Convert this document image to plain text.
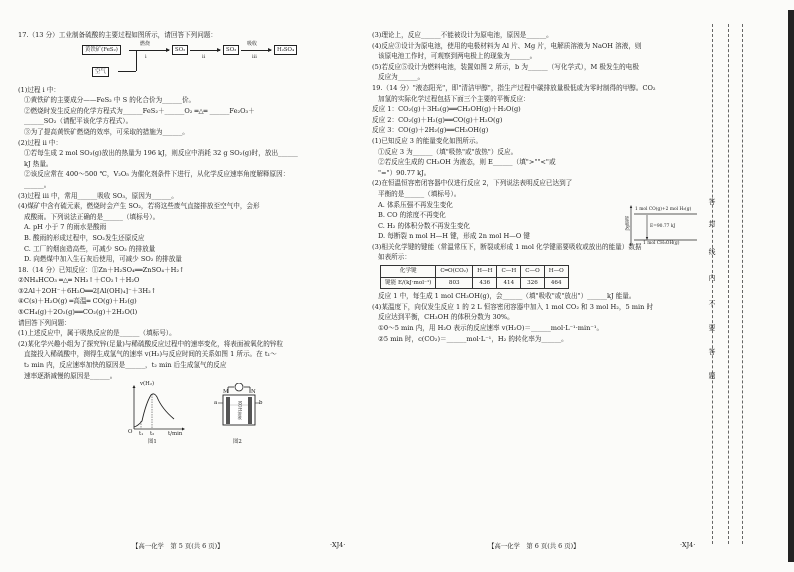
17.（13 分）工业制备硫酸的主要过程如图所示，请回答下列问题：
黄铁矿(FeS₂)
空气
燃烧
i
SO₂
ii
SO₃
吸收
iii
H₂SO₄
(1)过程 i 中：
①黄铁矿的主要成分——FeS₂ 中 S 的化合价为______价。
②燃烧时发生反应的化学方程式为______FeS₂＋______O₂ ═△═ ______Fe₂O₃＋
______SO₂（请配平该化学方程式）。
③为了提高黄铁矿燃烧的效率，可采取的措施为______。
(2)过程 ii 中：
①若每生成 2 mol SO₃(g)放出的热量为 196 kJ，则反应中消耗 32 g SO₂(g)时，放出______
kJ 热量。
②该反应常在 400～500 ℃，V₂O₅ 为催化剂条件下进行，从化学反应速率角度解释原因：
______。
(3)过程 iii 中，常用______吸收 SO₃，原因为______。
(4)煤矿中含有硫元素，燃烧时会产生 SO₂，若将这些废气直接排放至空气中，会形
成酸雨。下列说法正确的是______（填标号）。
A. pH 小于 7 的雨水是酸雨
B. 酸雨的形成过程中，SO₂发生还原反应
C. 工厂的烟囱造高些，可减少 SO₂ 的排放量
D. 向燃煤中加入生石灰后使用，可减少 SO₂ 的排放量
18.（14 分）已知反应：①Zn＋H₂SO₄══ZnSO₄＋H₂↑
②NH₄HCO₃ ═△═ NH₃↑＋CO₂↑＋H₂O
③2Al＋2OH⁻＋6H₂O══2[Al(OH)₄]⁻＋3H₂↑
④C(s)＋H₂O(g) ═高温═ CO(g)＋H₂(g)
⑤CH₄(g)＋2O₂(g)══CO₂(g)＋2H₂O(l)
请回答下列问题：
(1)上述反应中，属于吸热反应的是______（填标号）。
(2)某化学兴趣小组为了探究锌(足量)与稀硫酸反应过程中的速率变化，将表面被氧化的锌粒
直接投入稀硫酸中，测得生成氢气的速率 v(H₂)与反应时间的关系如图 1 所示。在 t₁～
t₂ min 内，反应速率加快的原因是______，t₂ min 后生成氢气的反应
速率逐渐减慢的原因是______。
O
v(H₂)
t₁ t₂	t/min
图1
M	N
a	b
KOH溶液
图2
(3)理论上，反应______不能被设计为原电池，原因是______。
(4)反应③设计为原电池，使用的电极材料为 Al 片、Mg 片，电解质溶液为 NaOH 溶液，则
该原电池工作时，可观察到两电极上的现象为______。
(5)若反应⑤设计为燃料电池，装置如图 2 所示，b 为______（写化学式），M 极发生的电极
反应为______。
19.（14 分）"液态阳光"，即"清洁甲醇"，指生产过程中碳排放量极低或为零时制得的甲醇。CO₂
加氢的实际化学过程包括下面三个主要的平衡反应：
反应 1：CO₂(g)＋3H₂(g)══CH₃OH(g)＋H₂O(g)
反应 2：CO₂(g)＋H₂(g)══CO(g)＋H₂O(g)
反应 3：CO(g)＋2H₂(g)══CH₃OH(g)
(1)已知反应 3 的能量变化如图所示。
①反应 3 为______（填"吸热"或"放热"）反应。
②若反应生成的 CH₃OH 为液态，则 E______（填">""<"或
"="）90.77 kJ。
(2)在恒温恒容密闭容器中仅进行反应 2，下列说法表明反应已达到了
平衡的是______（填标号）。
A. 体系压强不再发生变化
B. CO 的浓度不再变化
C. H₂ 的体积分数不再发生变化
D. 每断裂 n mol H—H 键，形成 2n mol H—O 键
(3)相关化学键的键能（常温常压下，断裂或形成 1 mol 化学键需要吸收或放出的能量）数据
如表所示：
化学键	C═O(CO₂)	H—H	C—H	C—O	H—O
键能 E/(kJ·mol⁻¹)	803	436	414	326	464
反应 1 中，每生成 1 mol CH₃OH(g)，会______（填"吸收"或"放出"）______kJ 能量。
(4)某温度下，向仅发生反应 1 的 2 L 恒容密闭容器中加入 1 mol CO₂ 和 3 mol H₂，5 min 时
反应达到平衡，CH₃OH 的体积分数为 30%。
①0～5 min 内，用 H₂O 表示的反应速率 v(H₂O)＝______mol·L⁻¹·min⁻¹。
②5 min 时，c(CO₂)＝______mol·L⁻¹，H₂ 的转化率为______。
能量/kJ
1 mol CO(g)+2 mol H₂(g)
E=90.77 kJ
1 mol CH₃OH(g)
【高一化学　第 5 页(共 6 页)】	·XJ4·	【高一化学　第 6 页(共 6 页)】	·XJ4·
答
封
线
内
不
要
答
题
